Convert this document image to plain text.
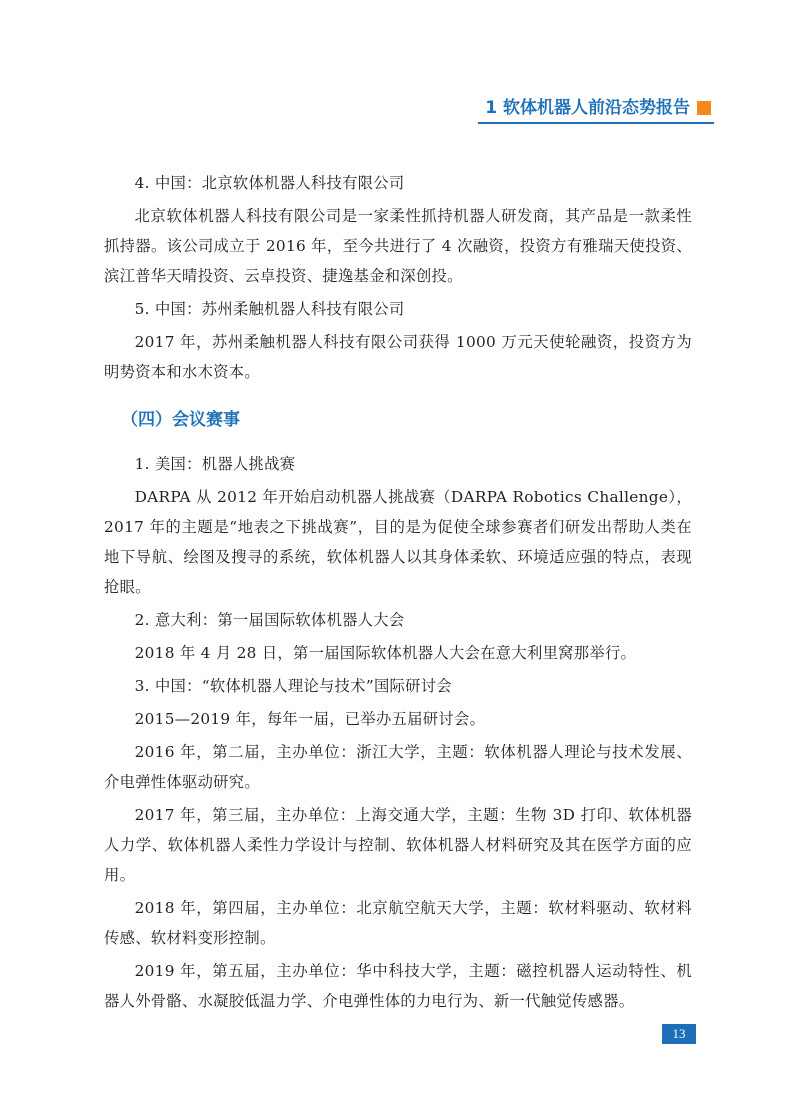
1 软体机器人前沿态势报告

4. 中国：北京软体机器人科技有限公司

北京软体机器人科技有限公司是一家柔性抓持机器人研发商，其产品是一款柔性抓持器。该公司成立于 2016 年，至今共进行了 4 次融资，投资方有雅瑞天使投资、滨江普华天晴投资、云卓投资、捷逸基金和深创投。

5. 中国：苏州柔触机器人科技有限公司

2017 年，苏州柔触机器人科技有限公司获得 1000 万元天使轮融资，投资方为明势资本和水木资本。

（四）会议赛事

1. 美国：机器人挑战赛

DARPA 从 2012 年开始启动机器人挑战赛（DARPA Robotics Challenge），2017 年的主题是“地表之下挑战赛”，目的是为促使全球参赛者们研发出帮助人类在地下导航、绘图及搜寻的系统，软体机器人以其身体柔软、环境适应强的特点，表现抢眼。

2. 意大利：第一届国际软体机器人大会

2018 年 4 月 28 日，第一届国际软体机器人大会在意大利里窝那举行。

3. 中国：“软体机器人理论与技术”国际研讨会

2015—2019 年，每年一届，已举办五届研讨会。

2016 年，第二届，主办单位：浙江大学，主题：软体机器人理论与技术发展、介电弹性体驱动研究。

2017 年，第三届，主办单位：上海交通大学，主题：生物 3D 打印、软体机器人力学、软体机器人柔性力学设计与控制、软体机器人材料研究及其在医学方面的应用。

2018 年，第四届，主办单位：北京航空航天大学，主题：软材料驱动、软材料传感、软材料变形控制。

2019 年，第五届，主办单位：华中科技大学，主题：磁控机器人运动特性、机器人外骨骼、水凝胶低温力学、介电弹性体的力电行为、新一代触觉传感器。

13
